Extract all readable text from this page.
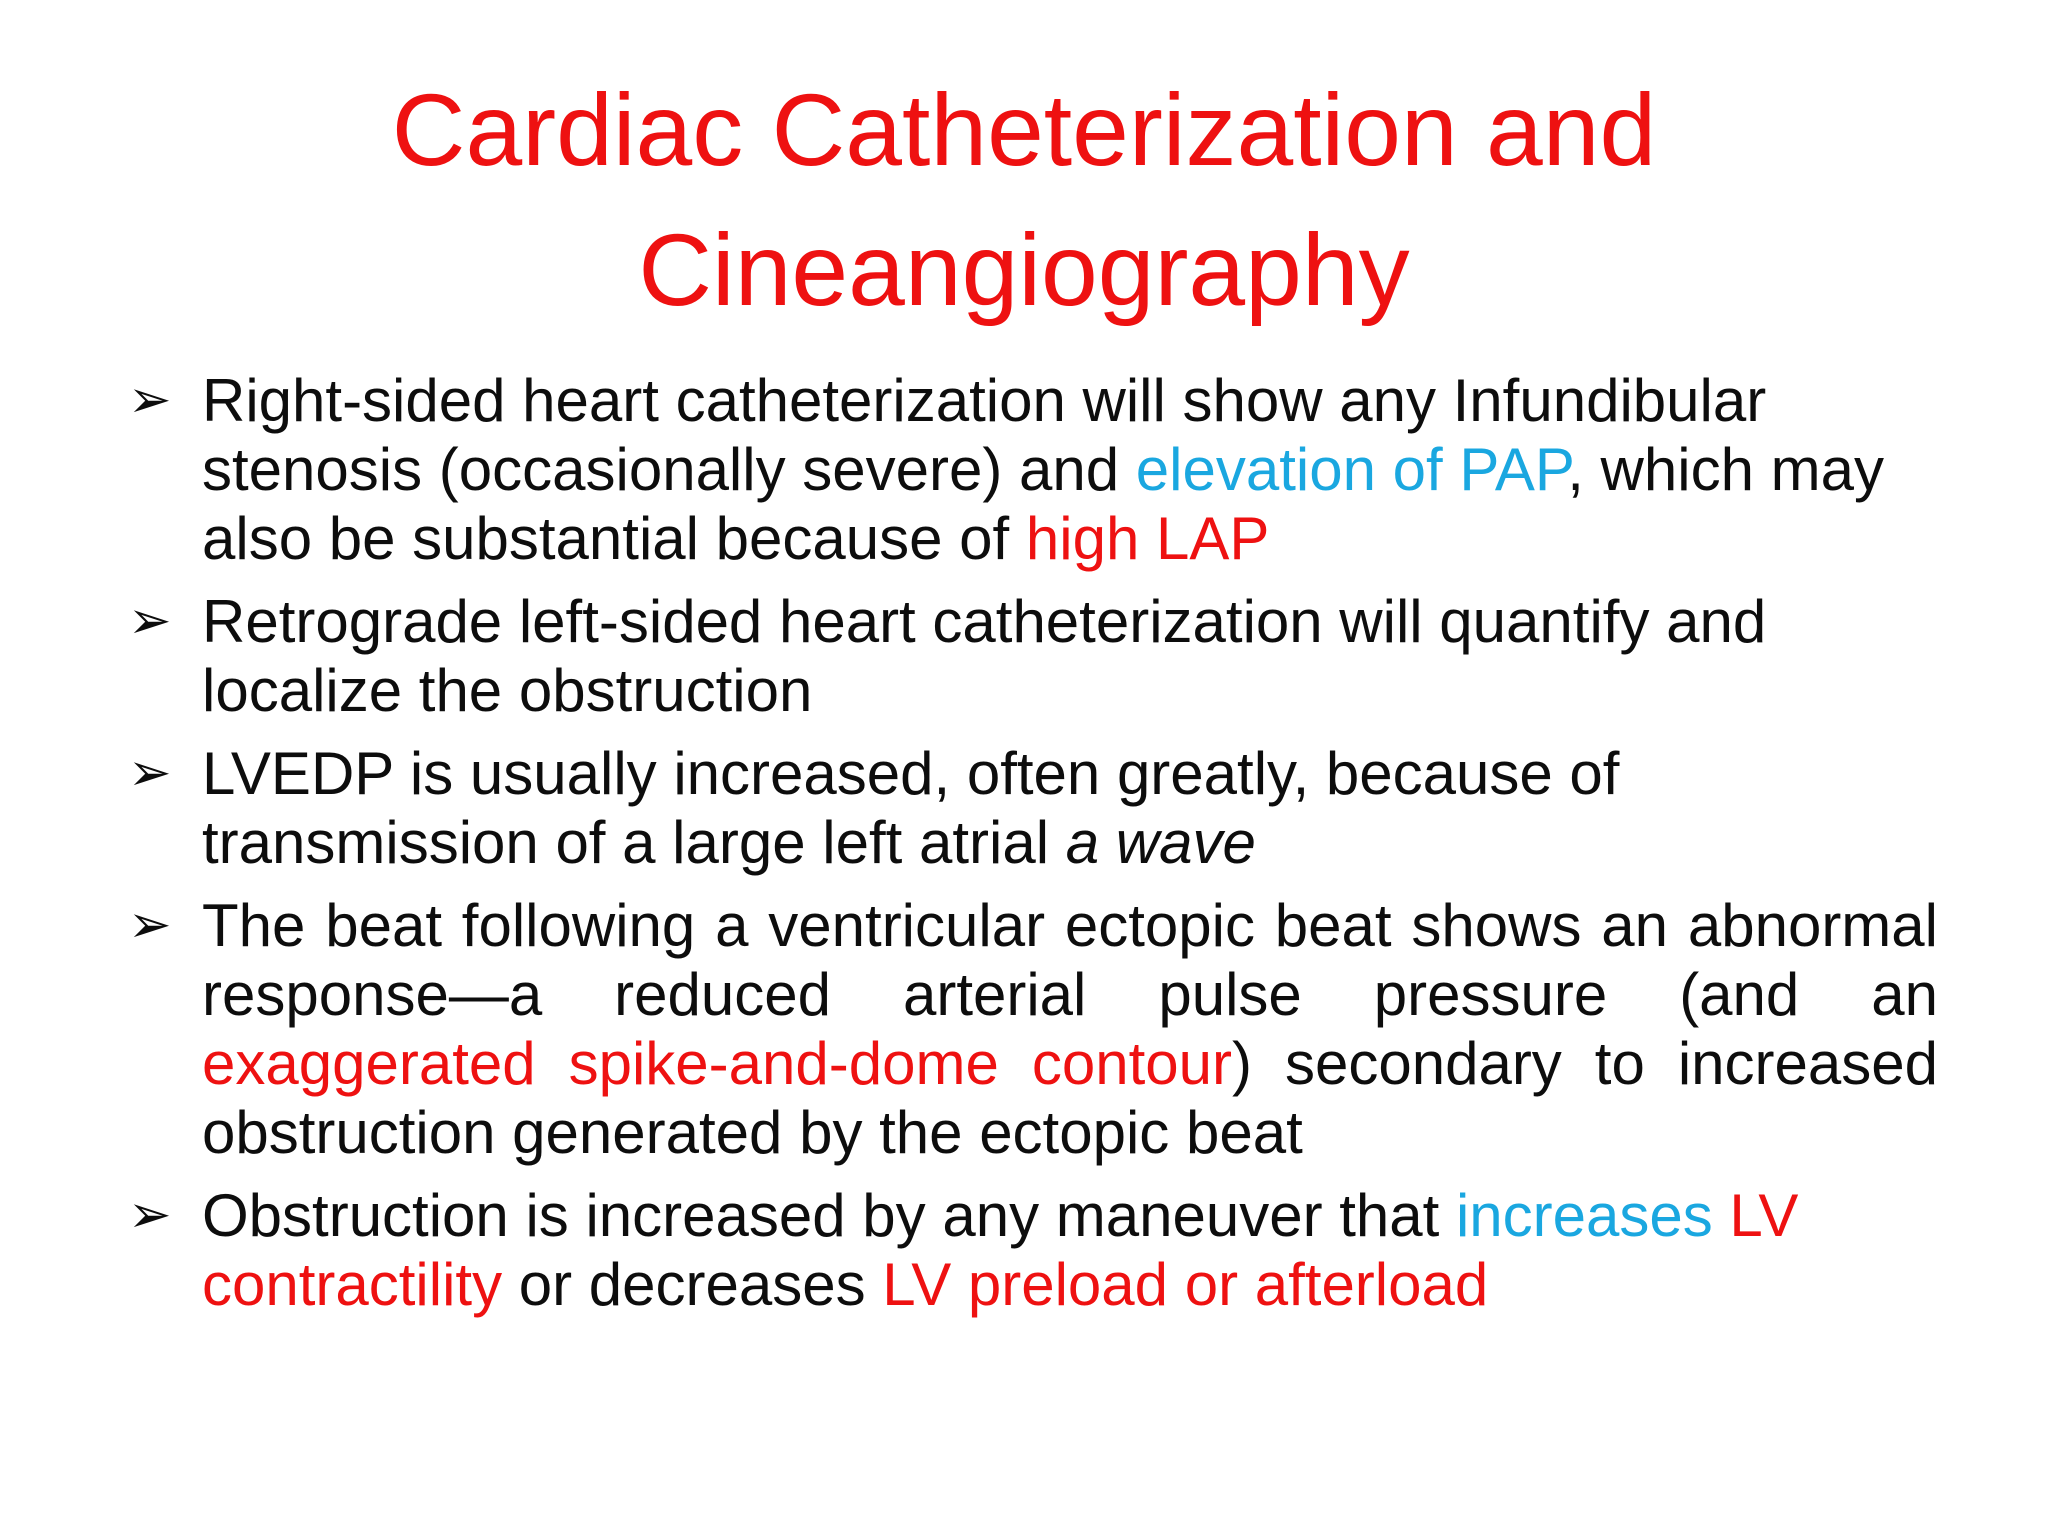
Cardiac Catheterization and
Cineangiography
➢ Right-sided heart catheterization will show any Infundibular stenosis (occasionally severe) and elevation of PAP, which may also be substantial because of high LAP
➢ Retrograde left-sided heart catheterization will quantify and localize the obstruction
➢ LVEDP is usually increased, often greatly, because of transmission of a large left atrial a wave
➢ The beat following a ventricular ectopic beat shows an abnormal response—a reduced arterial pulse pressure (and an exaggerated spike-and-dome contour) secondary to increased obstruction generated by the ectopic beat
➢ Obstruction is increased by any maneuver that increases LV contractility or decreases LV preload or afterload
